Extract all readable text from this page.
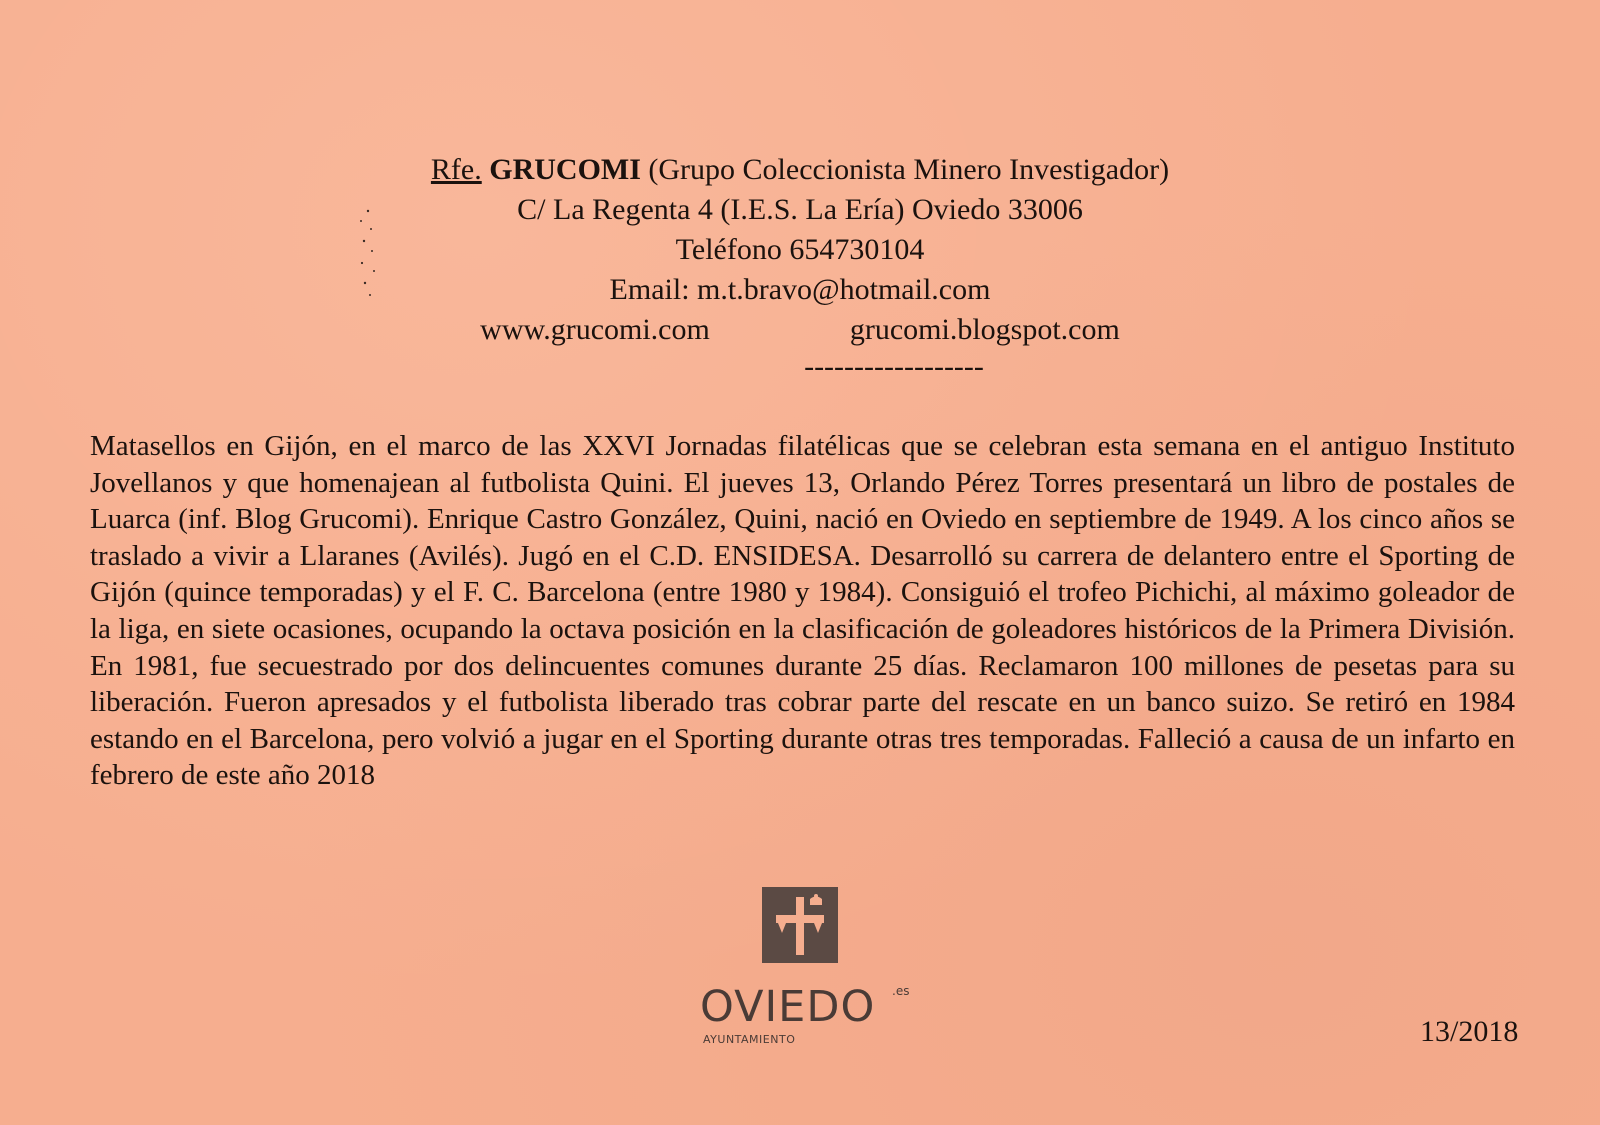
Rfe. GRUCOMI (Grupo Coleccionista Minero Investigador)
C/ La Regenta 4 (I.E.S. La Ería) Oviedo 33006
Teléfono 654730104
Email: m.t.bravo@hotmail.com
www.grucomi.com	grucomi.blogspot.com
------------------
Matasellos en Gijón, en el marco de las XXVI Jornadas filatélicas que se celebran esta semana en el antiguo Instituto Jovellanos y que homenajean al futbolista Quini. El jueves 13, Orlando Pérez Torres presentará un libro de postales de Luarca (inf. Blog Grucomi). Enrique Castro González, Quini, nació en Oviedo en septiembre de 1949. A los cinco años se traslado a vivir a Llaranes (Avilés). Jugó en el C.D. ENSIDESA. Desarrolló su carrera de delantero entre el Sporting de Gijón (quince temporadas) y el F. C. Barcelona (entre 1980 y 1984). Consiguió el trofeo Pichichi, al máximo goleador de la liga, en siete ocasiones, ocupando la octava posición en la clasificación de goleadores históricos de la Primera División. En 1981, fue secuestrado por dos delincuentes comunes durante 25 días. Reclamaron 100 millones de pesetas para su liberación. Fueron apresados y el futbolista liberado tras cobrar parte del rescate en un banco suizo. Se retiró en 1984 estando en el Barcelona, pero volvió a jugar en el Sporting durante otras tres temporadas. Falleció a causa de un infarto en febrero de este año 2018
OVIEDO .es
AYUNTAMIENTO	13/2018
